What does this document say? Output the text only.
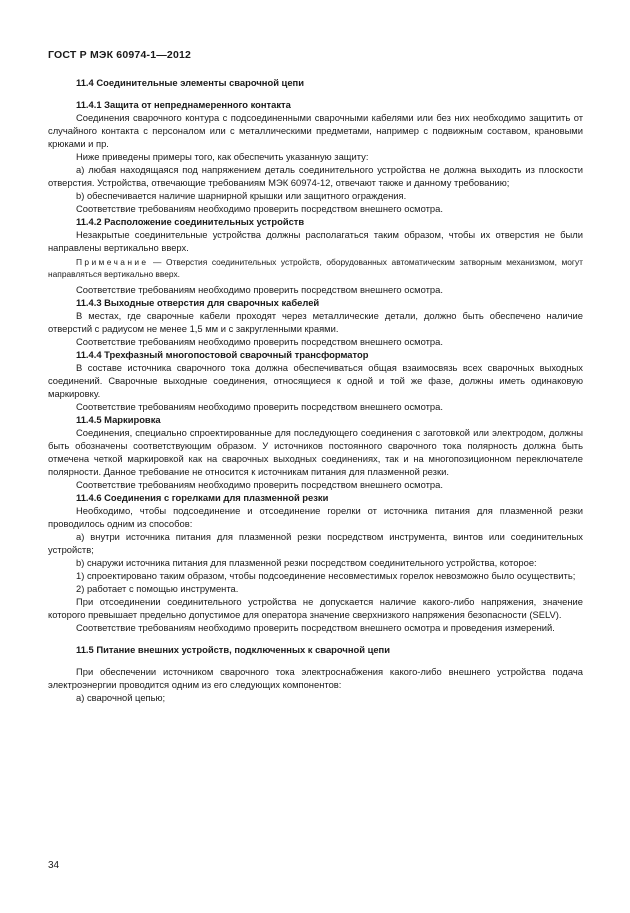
ГОСТ Р МЭК 60974-1—2012

11.4 Соединительные элементы сварочной цепи

11.4.1 Защита от непреднамеренного контакта

Соединения сварочного контура с подсоединенными сварочными кабелями или без них необходимо защитить от случайного контакта с персоналом или с металлическими предметами, например с подвижным составом, крановыми крюками и пр.

Ниже приведены примеры того, как обеспечить указанную защиту:

a) любая находящаяся под напряжением деталь соединительного устройства не должна выходить из плоскости отверстия. Устройства, отвечающие требованиям МЭК 60974-12, отвечают также и данному требованию;

b) обеспечивается наличие шарнирной крышки или защитного ограждения.

Соответствие требованиям необходимо проверить посредством внешнего осмотра.

11.4.2 Расположение соединительных устройств

Незакрытые соединительные устройства должны располагаться таким образом, чтобы их отверстия не были направлены вертикально вверх.

Примечание — Отверстия соединительных устройств, оборудованных автоматическим затворным механизмом, могут направляться вертикально вверх.

Соответствие требованиям необходимо проверить посредством внешнего осмотра.

11.4.3 Выходные отверстия для сварочных кабелей

В местах, где сварочные кабели проходят через металлические детали, должно быть обеспечено наличие отверстий с радиусом не менее 1,5 мм и с закругленными краями.

Соответствие требованиям необходимо проверить посредством внешнего осмотра.

11.4.4 Трехфазный многопостовой сварочный трансформатор

В составе источника сварочного тока должна обеспечиваться общая взаимосвязь всех сварочных выходных соединений. Сварочные выходные соединения, относящиеся к одной и той же фазе, должны иметь одинаковую маркировку.

Соответствие требованиям необходимо проверить посредством внешнего осмотра.

11.4.5 Маркировка

Соединения, специально спроектированные для последующего соединения с заготовкой или электродом, должны быть обозначены соответствующим образом. У источников постоянного сварочного тока полярность должна быть отмечена четкой маркировкой как на сварочных выходных соединениях, так и на многопозиционном переключателе полярности. Данное требование не относится к источникам питания для плазменной резки.

Соответствие требованиям необходимо проверить посредством внешнего осмотра.

11.4.6 Соединения с горелками для плазменной резки

Необходимо, чтобы подсоединение и отсоединение горелки от источника питания для плазменной резки проводилось одним из способов:

a) внутри источника питания для плазменной резки посредством инструмента, винтов или соединительных устройств;

b) снаружи источника питания для плазменной резки посредством соединительного устройства, которое:

1) спроектировано таким образом, чтобы подсоединение несовместимых горелок невозможно было осуществить;

2) работает с помощью инструмента.

При отсоединении соединительного устройства не допускается наличие какого-либо напряжения, значение которого превышает предельно допустимое для оператора значение сверхнизкого напряжения безопасности (SELV).

Соответствие требованиям необходимо проверить посредством внешнего осмотра и проведения измерений.

11.5 Питание внешних устройств, подключенных к сварочной цепи

При обеспечении источником сварочного тока электроснабжения какого-либо внешнего устройства подача электроэнергии проводится одним из его следующих компонентов:

a) сварочной цепью;

34
